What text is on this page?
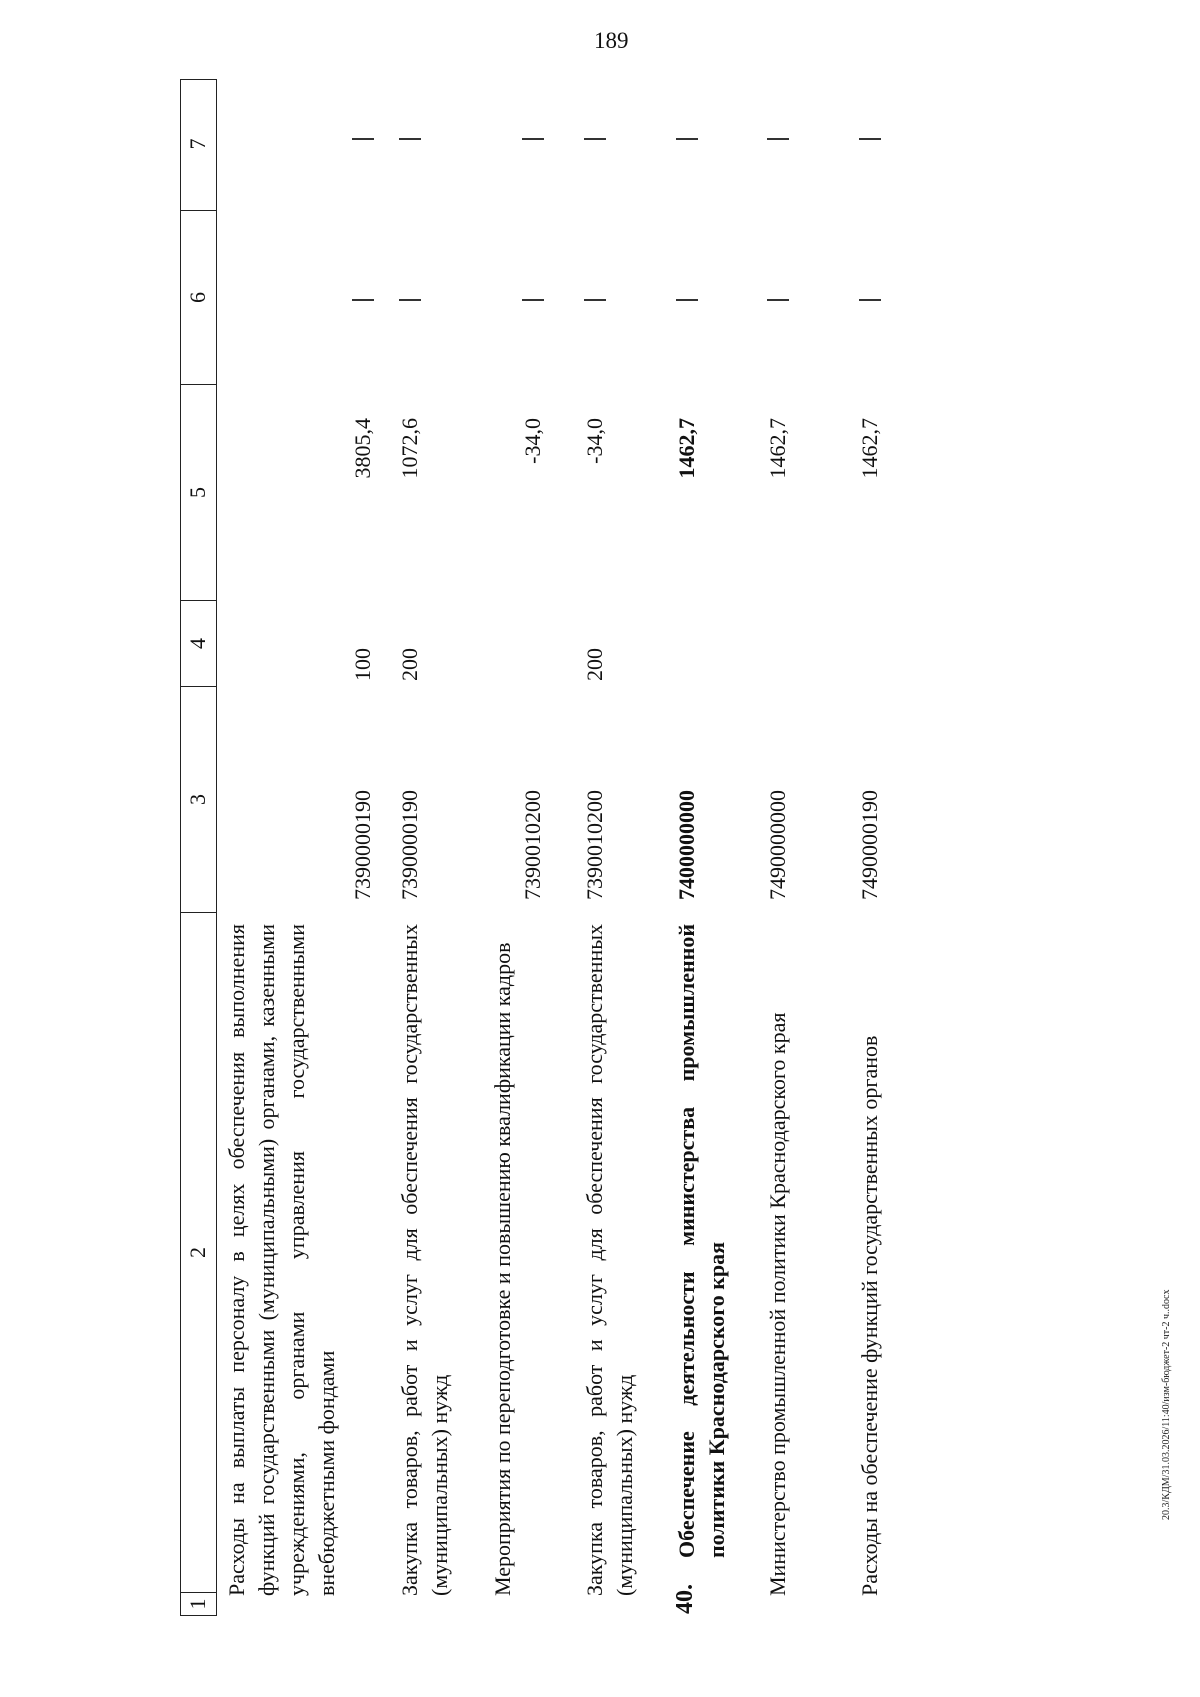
189
1
2
3
4
5
6
7
Расходы на выплаты персоналу в целях обеспечения выполнения функций государственными (муниципальными) органами, казенными учреждениями, органами управления государственными внебюджетными фондами
7390000190
100
3805,4
Закупка товаров, работ и услуг для обеспечения государственных (муниципальных) нужд
7390000190
200
1072,6
Мероприятия по переподготовке и повышению квалификации кадров
7390010200
-34,0
Закупка товаров, работ и услуг для обеспечения государственных (муниципальных) нужд
7390010200
200
-34,0
40.
Обеспечение деятельности министерства промышленной политики Краснодарского края
7400000000
1462,7
Министерство промышленной политики Краснодарского края
7490000000
1462,7
Расходы на обеспечение функций государственных органов
7490000190
1462,7
20.3/КДМ/31.03.2026/11:40/изм-бюджет-2 чт-2 ч..docx
